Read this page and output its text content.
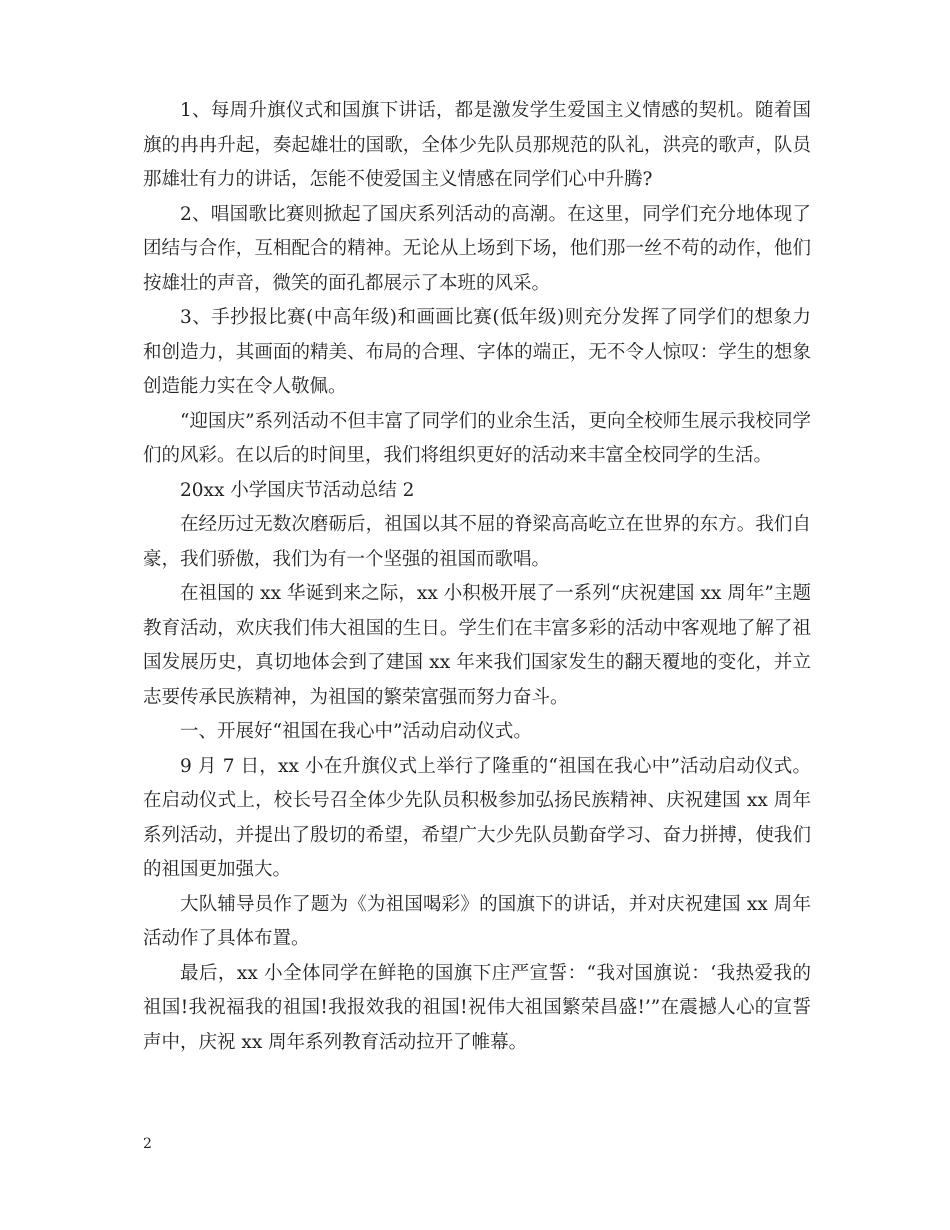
1、每周升旗仪式和国旗下讲话，都是激发学生爱国主义情感的契机。随着国旗的冉冉升起，奏起雄壮的国歌，全体少先队员那规范的队礼，洪亮的歌声，队员那雄壮有力的讲话，怎能不使爱国主义情感在同学们心中升腾?

2、唱国歌比赛则掀起了国庆系列活动的高潮。在这里，同学们充分地体现了团结与合作，互相配合的精神。无论从上场到下场，他们那一丝不苟的动作，他们按雄壮的声音，微笑的面孔都展示了本班的风采。

3、手抄报比赛(中高年级)和画画比赛(低年级)则充分发挥了同学们的想象力和创造力，其画面的精美、布局的合理、字体的端正，无不令人惊叹：学生的想象创造能力实在令人敬佩。

“迎国庆”系列活动不但丰富了同学们的业余生活，更向全校师生展示我校同学们的风彩。在以后的时间里，我们将组织更好的活动来丰富全校同学的生活。

20xx 小学国庆节活动总结 2

在经历过无数次磨砺后，祖国以其不屈的脊梁高高屹立在世界的东方。我们自豪，我们骄傲，我们为有一个坚强的祖国而歌唱。

在祖国的 xx 华诞到来之际，xx 小积极开展了一系列“庆祝建国 xx 周年”主题教育活动，欢庆我们伟大祖国的生日。学生们在丰富多彩的活动中客观地了解了祖国发展历史，真切地体会到了建国 xx 年来我们国家发生的翻天覆地的变化，并立志要传承民族精神，为祖国的繁荣富强而努力奋斗。

一、开展好“祖国在我心中”活动启动仪式。

9 月 7 日，xx 小在升旗仪式上举行了隆重的“祖国在我心中”活动启动仪式。在启动仪式上，校长号召全体少先队员积极参加弘扬民族精神、庆祝建国 xx 周年系列活动，并提出了殷切的希望，希望广大少先队员勤奋学习、奋力拼搏，使我们的祖国更加强大。

大队辅导员作了题为《为祖国喝彩》的国旗下的讲话，并对庆祝建国 xx 周年活动作了具体布置。

最后，xx 小全体同学在鲜艳的国旗下庄严宣誓：“我对国旗说：‘我热爱我的祖国!我祝福我的祖国!我报效我的祖国!祝伟大祖国繁荣昌盛!’”在震撼人心的宣誓声中，庆祝 xx 周年系列教育活动拉开了帷幕。

2
